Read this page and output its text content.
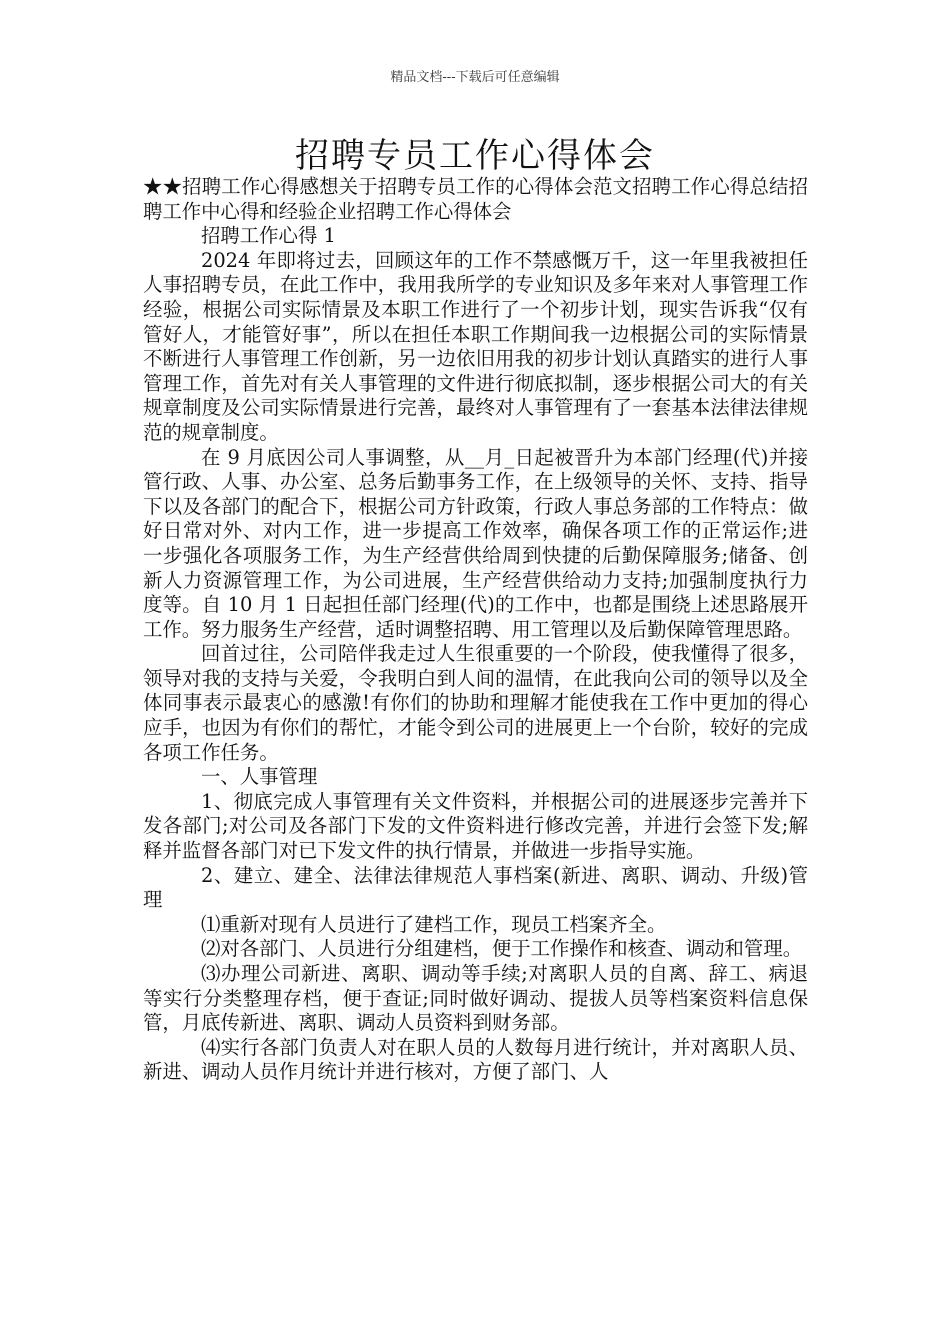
精品文档---下载后可任意编辑
招聘专员工作心得体会

★★招聘工作心得感想关于招聘专员工作的心得体会范文招聘工作心得总结招聘工作中心得和经验企业招聘工作心得体会

招聘工作心得 1

2024 年即将过去，回顾这年的工作不禁感慨万千，这一年里我被担任人事招聘专员，在此工作中，我用我所学的专业知识及多年来对人事管理工作经验，根据公司实际情景及本职工作进行了一个初步计划，现实告诉我“仅有管好人，才能管好事”，所以在担任本职工作期间我一边根据公司的实际情景不断进行人事管理工作创新，另一边依旧用我的初步计划认真踏实的进行人事管理工作，首先对有关人事管理的文件进行彻底拟制，逐步根据公司大的有关规章制度及公司实际情景进行完善，最终对人事管理有了一套基本法律法律规范的规章制度。

在 9 月底因公司人事调整，从__月_日起被晋升为本部门经理(代)并接管行政、人事、办公室、总务后勤事务工作，在上级领导的关怀、支持、指导下以及各部门的配合下，根据公司方针政策，行政人事总务部的工作特点：做好日常对外、对内工作，进一步提高工作效率，确保各项工作的正常运作;进一步强化各项服务工作，为生产经营供给周到快捷的后勤保障服务;储备、创新人力资源管理工作，为公司进展，生产经营供给动力支持;加强制度执行力度等。自 10 月 1 日起担任部门经理(代)的工作中，也都是围绕上述思路展开工作。努力服务生产经营，适时调整招聘、用工管理以及后勤保障管理思路。

回首过往，公司陪伴我走过人生很重要的一个阶段，使我懂得了很多，领导对我的支持与关爱，令我明白到人间的温情，在此我向公司的领导以及全体同事表示最衷心的感激!有你们的协助和理解才能使我在工作中更加的得心应手，也因为有你们的帮忙，才能令到公司的进展更上一个台阶，较好的完成各项工作任务。

一、人事管理

1、彻底完成人事管理有关文件资料，并根据公司的进展逐步完善并下发各部门;对公司及各部门下发的文件资料进行修改完善，并进行会签下发;解释并监督各部门对已下发文件的执行情景，并做进一步指导实施。

2、建立、建全、法律法律规范人事档案(新进、离职、调动、升级)管理

⑴重新对现有人员进行了建档工作，现员工档案齐全。

⑵对各部门、人员进行分组建档，便于工作操作和核查、调动和管理。

⑶办理公司新进、离职、调动等手续;对离职人员的自离、辞工、病退等实行分类整理存档，便于查证;同时做好调动、提拔人员等档案资料信息保管，月底传新进、离职、调动人员资料到财务部。

⑷实行各部门负责人对在职人员的人数每月进行统计，并对离职人员、新进、调动人员作月统计并进行核对，方便了部门、人
